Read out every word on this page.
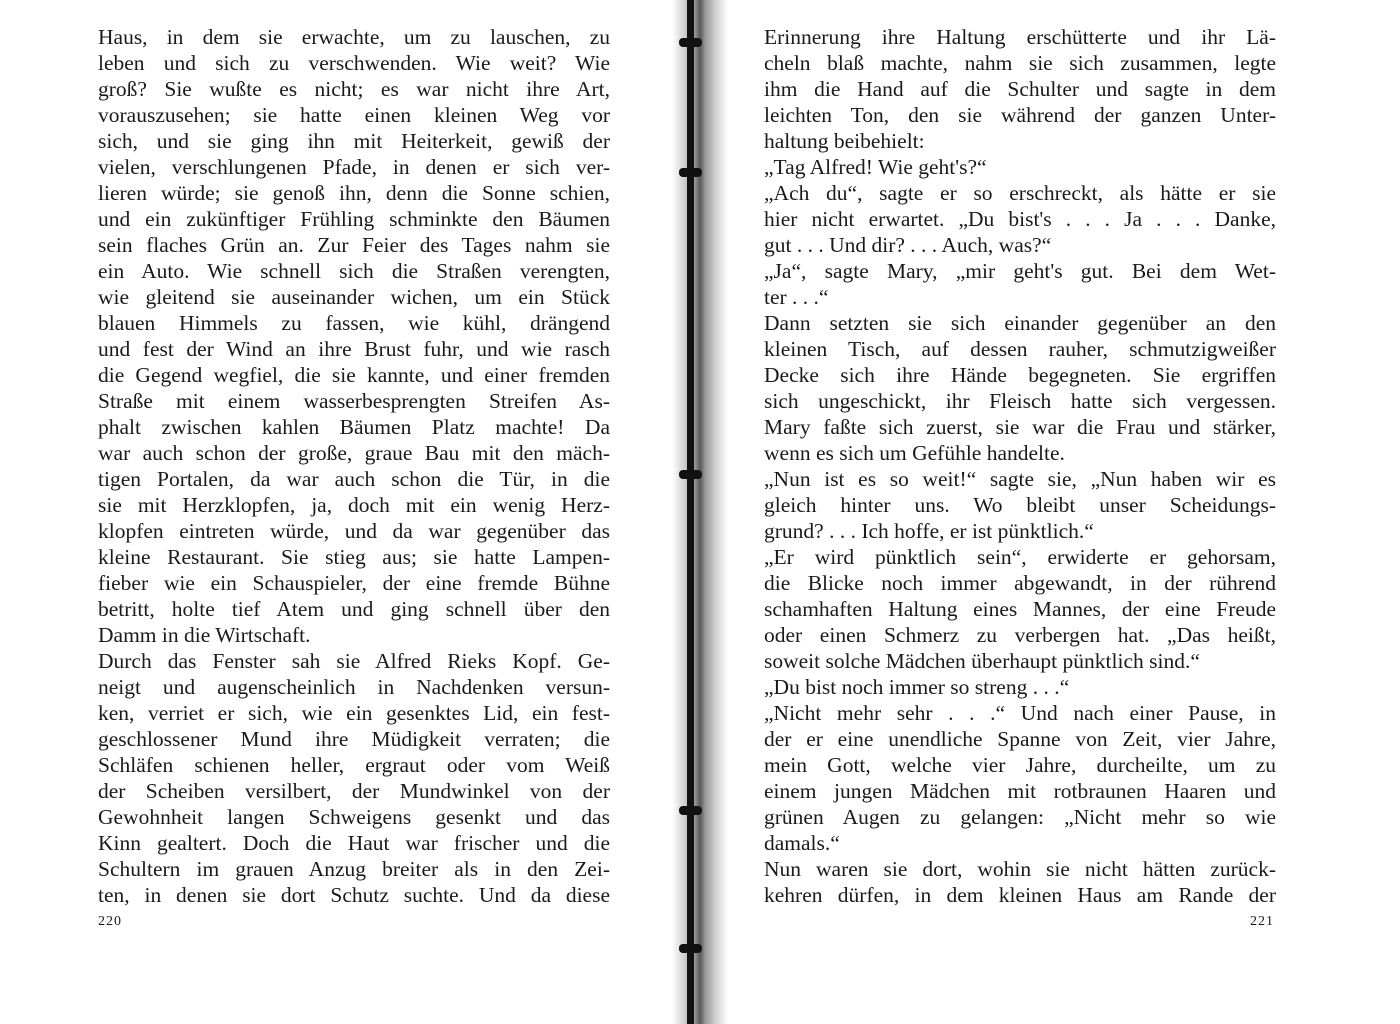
Haus, in dem sie erwachte, um zu lauschen, zu
leben und sich zu verschwenden. Wie weit? Wie
groß? Sie wußte es nicht; es war nicht ihre Art,
vorauszusehen; sie hatte einen kleinen Weg vor
sich, und sie ging ihn mit Heiterkeit, gewiß der
vielen, verschlungenen Pfade, in denen er sich ver-
lieren würde; sie genoß ihn, denn die Sonne schien,
und ein zukünftiger Frühling schminkte den Bäumen
sein flaches Grün an. Zur Feier des Tages nahm sie
ein Auto. Wie schnell sich die Straßen verengten,
wie gleitend sie auseinander wichen, um ein Stück
blauen Himmels zu fassen, wie kühl, drängend
und fest der Wind an ihre Brust fuhr, und wie rasch
die Gegend wegfiel, die sie kannte, und einer fremden
Straße mit einem wasserbesprengten Streifen As-
phalt zwischen kahlen Bäumen Platz machte! Da
war auch schon der große, graue Bau mit den mäch-
tigen Portalen, da war auch schon die Tür, in die
sie mit Herzklopfen, ja, doch mit ein wenig Herz-
klopfen eintreten würde, und da war gegenüber das
kleine Restaurant. Sie stieg aus; sie hatte Lampen-
fieber wie ein Schauspieler, der eine fremde Bühne
betritt, holte tief Atem und ging schnell über den
Damm in die Wirtschaft.
Durch das Fenster sah sie Alfred Rieks Kopf. Ge-
neigt und augenscheinlich in Nachdenken versun-
ken, verriet er sich, wie ein gesenktes Lid, ein fest-
geschlossener Mund ihre Müdigkeit verraten; die
Schläfen schienen heller, ergraut oder vom Weiß
der Scheiben versilbert, der Mundwinkel von der
Gewohnheit langen Schweigens gesenkt und das
Kinn gealtert. Doch die Haut war frischer und die
Schultern im grauen Anzug breiter als in den Zei-
ten, in denen sie dort Schutz suchte. Und da diese
220
Erinnerung ihre Haltung erschütterte und ihr Lä-
cheln blaß machte, nahm sie sich zusammen, legte
ihm die Hand auf die Schulter und sagte in dem
leichten Ton, den sie während der ganzen Unter-
haltung beibehielt:
„Tag Alfred! Wie geht's?“
„Ach du“, sagte er so erschreckt, als hätte er sie
hier nicht erwartet. „Du bist's . . . Ja . . . Danke,
gut . . . Und dir? . . . Auch, was?“
„Ja“, sagte Mary, „mir geht's gut. Bei dem Wet-
ter . . .“
Dann setzten sie sich einander gegenüber an den
kleinen Tisch, auf dessen rauher, schmutzigweißer
Decke sich ihre Hände begegneten. Sie ergriffen
sich ungeschickt, ihr Fleisch hatte sich vergessen.
Mary faßte sich zuerst, sie war die Frau und stärker,
wenn es sich um Gefühle handelte.
„Nun ist es so weit!“ sagte sie, „Nun haben wir es
gleich hinter uns. Wo bleibt unser Scheidungs-
grund? . . . Ich hoffe, er ist pünktlich.“
„Er wird pünktlich sein“, erwiderte er gehorsam,
die Blicke noch immer abgewandt, in der rührend
schamhaften Haltung eines Mannes, der eine Freude
oder einen Schmerz zu verbergen hat. „Das heißt,
soweit solche Mädchen überhaupt pünktlich sind.“
„Du bist noch immer so streng . . .“
„Nicht mehr sehr . . .“ Und nach einer Pause, in
der er eine unendliche Spanne von Zeit, vier Jahre,
mein Gott, welche vier Jahre, durcheilte, um zu
einem jungen Mädchen mit rotbraunen Haaren und
grünen Augen zu gelangen: „Nicht mehr so wie
damals.“
Nun waren sie dort, wohin sie nicht hätten zurück-
kehren dürfen, in dem kleinen Haus am Rande der
221
